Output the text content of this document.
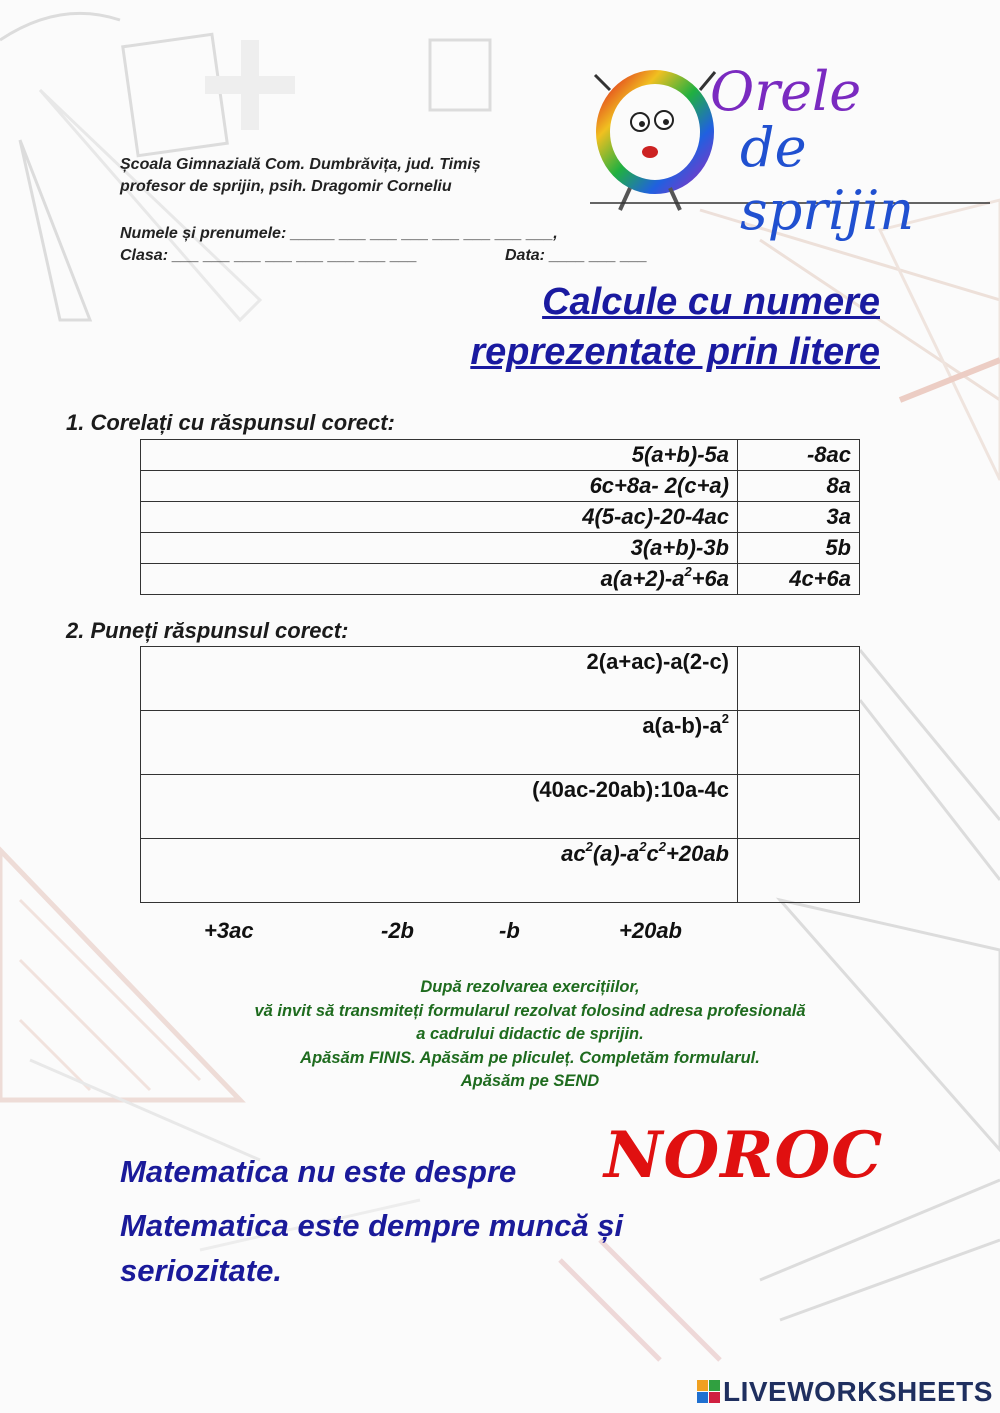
Orele
de sprijin
Școala Gimnazială Com. Dumbrăvița, jud. Timiș
profesor de sprijin, psih. Dragomir Corneliu
Numele și prenumele: _____ ___ ___ ___ ___ ___ ___ ___,
Clasa: ___ ___ ___ ___ ___ ___ ___ ___	Data: ____ ___ ___
Calcule cu numere
reprezentate prin litere
1. Corelați cu răspunsul corect:
5(a+b)-5a	-8ac
6c+8a- 2(c+a)	8a
4(5-ac)-20-4ac	3a
3(a+b)-3b	5b
$a(a+2)-a^2+6a$	4c+6a
2. Puneți răspunsul corect:
2(a+ac)-a(2-c)	
$a(a-b)-a^2$	
(40ac-20ab):10a-4c	
$ac^2(a)-a^2c^2+20ab$	
+3ac	-2b	-b	+20ab
După rezolvarea exercițiilor,
vă invit să transmiteți formularul rezolvat folosind adresa profesională
a cadrului didactic de sprijin.
Apăsăm FINIS. Apăsăm pe pliculeț. Completăm formularul.
Apăsăm pe SEND
Matematica nu este despre NOROC
Matematica este dempre muncă și
seriozitate.
LIVEWORKSHEETS
